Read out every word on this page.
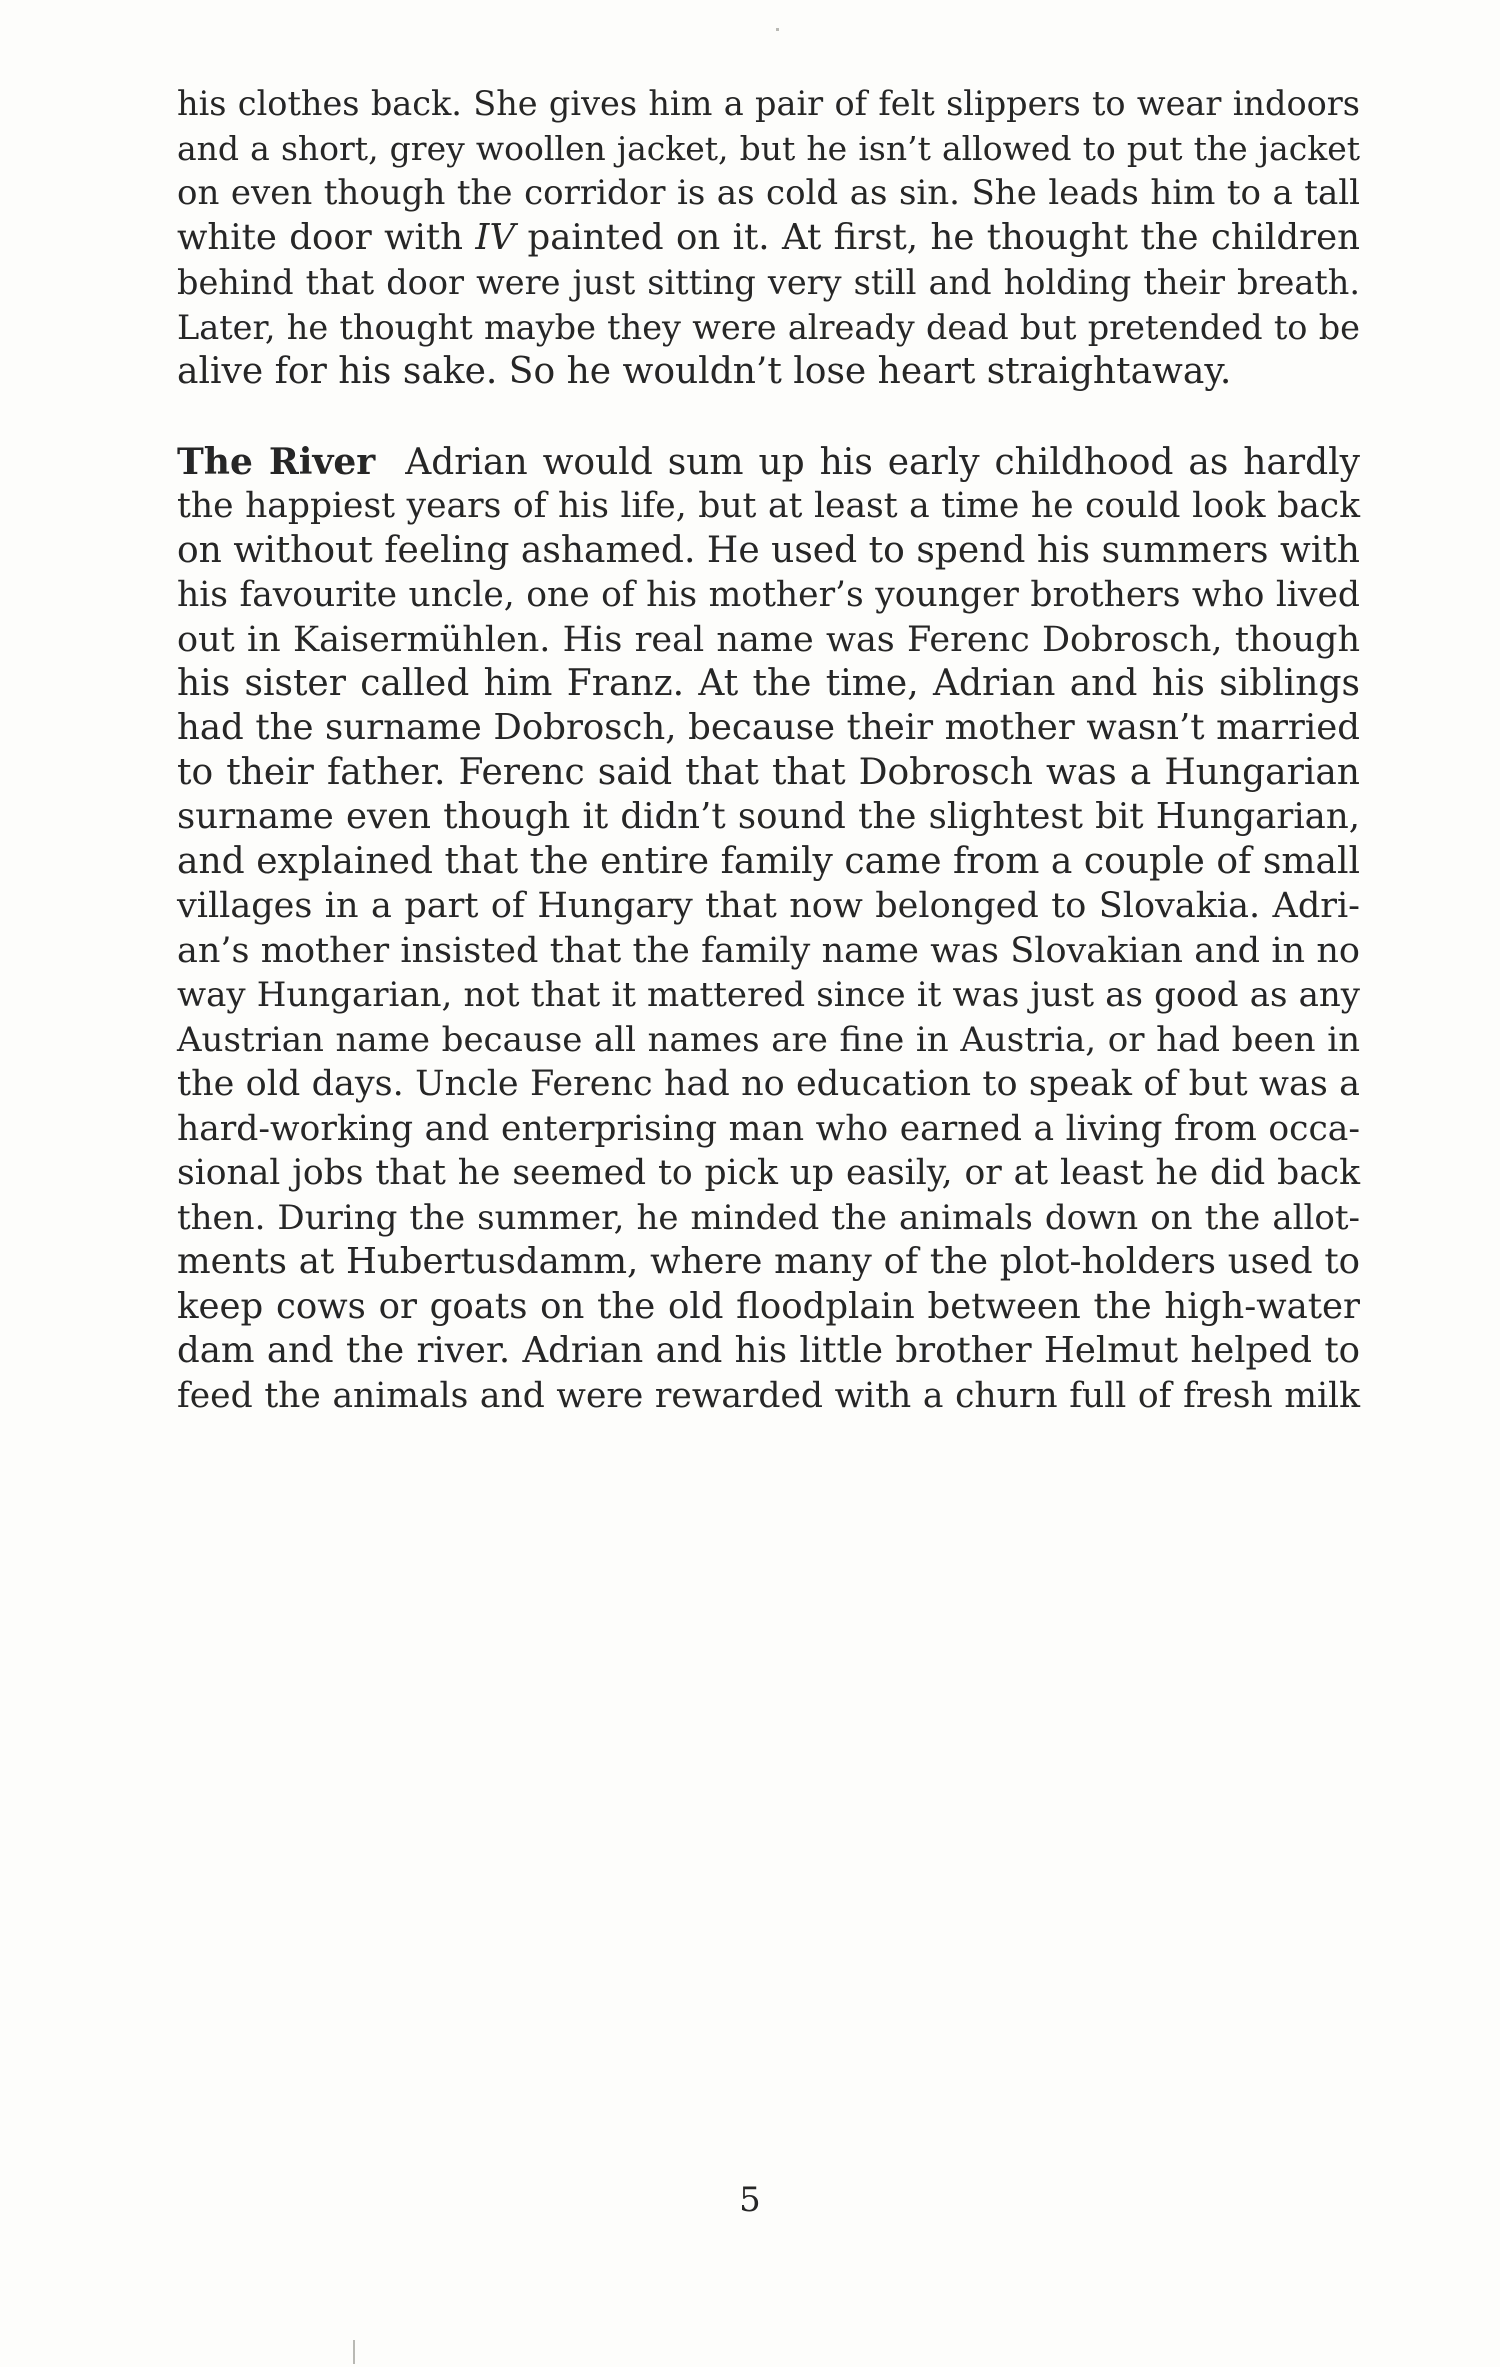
his clothes back. She gives him a pair of felt slippers to wear indoors
and a short, grey woollen jacket, but he isn’t allowed to put the jacket
on even though the corridor is as cold as sin. She leads him to a tall
white door with IV painted on it. At first, he thought the children
behind that door were just sitting very still and holding their breath.
Later, he thought maybe they were already dead but pretended to be
alive for his sake. So he wouldn’t lose heart straightaway.
The River Adrian would sum up his early childhood as hardly
the happiest years of his life, but at least a time he could look back
on without feeling ashamed. He used to spend his summers with
his favourite uncle, one of his mother’s younger brothers who lived
out in Kaisermühlen. His real name was Ferenc Dobrosch, though
his sister called him Franz. At the time, Adrian and his siblings
had the surname Dobrosch, because their mother wasn’t married
to their father. Ferenc said that that Dobrosch was a Hungarian
surname even though it didn’t sound the slightest bit Hungarian,
and explained that the entire family came from a couple of small
villages in a part of Hungary that now belonged to Slovakia. Adri-
an’s mother insisted that the family name was Slovakian and in no
way Hungarian, not that it mattered since it was just as good as any
Austrian name because all names are fine in Austria, or had been in
the old days. Uncle Ferenc had no education to speak of but was a
hard-working and enterprising man who earned a living from occa-
sional jobs that he seemed to pick up easily, or at least he did back
then. During the summer, he minded the animals down on the allot-
ments at Hubertusdamm, where many of the plot-holders used to
keep cows or goats on the old floodplain between the high-water
dam and the river. Adrian and his little brother Helmut helped to
feed the animals and were rewarded with a churn full of fresh milk
5
